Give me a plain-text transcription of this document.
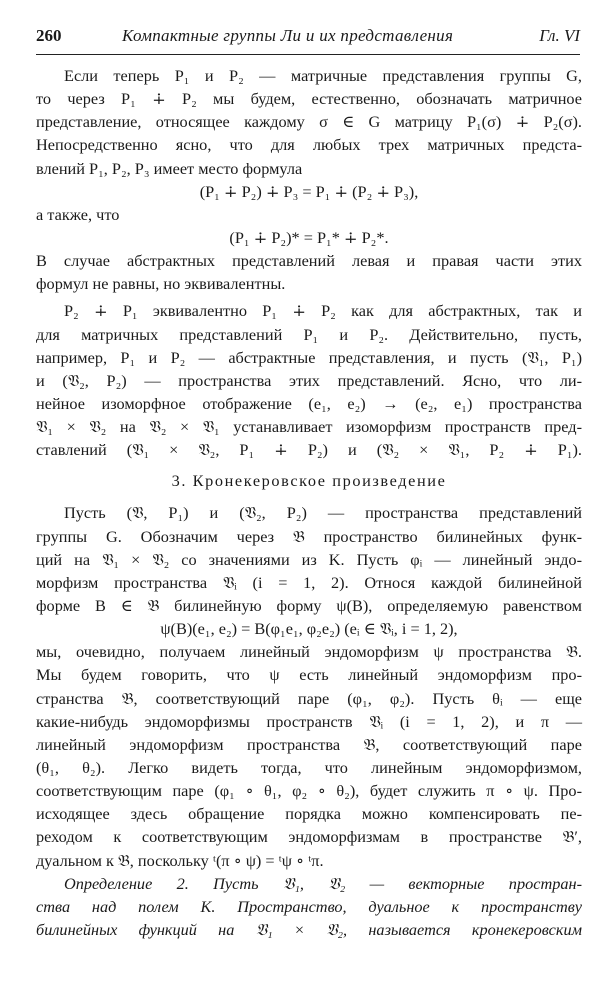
260	Компактные группы Ли и их представления	Гл. VI
Если теперь P₁ и P₂ — матричные представления группы G,
то через P₁ ∔ P₂ мы будем, естественно, обозначать матричное
представление, относящее каждому σ ∈ G матрицу P₁(σ) ∔ P₂(σ).
Непосредственно ясно, что для любых трех матричных предста-
влений P₁, P₂, P₃ имеет место формула
(P₁ ∔ P₂) ∔ P₃ = P₁ ∔ (P₂ ∔ P₃),
а также, что
(P₁ ∔ P₂)* = P₁* ∔ P₂*.
В случае абстрактных представлений левая и правая части этих
формул не равны, но эквивалентны.
P₂ ∔ P₁ эквивалентно P₁ ∔ P₂ как для абстрактных, так и
для матричных представлений P₁ и P₂. Действительно, пусть,
например, P₁ и P₂ — абстрактные представления, и пусть (𝔙₁, P₁)
и (𝔙₂, P₂) — пространства этих представлений. Ясно, что ли-
нейное изоморфное отображение (e₁, e₂) → (e₂, e₁) пространства
𝔙₁ × 𝔙₂ на 𝔙₂ × 𝔙₁ устанавливает изоморфизм пространств пред-
ставлений (𝔙₁ × 𝔙₂, P₁ ∔ P₂) и (𝔙₂ × 𝔙₁, P₂ ∔ P₁).
3. Кронекеровское произведение
Пусть (𝔙, P₁) и (𝔙₂, P₂) — пространства представлений
группы G. Обозначим через 𝔅 пространство билинейных функ-
ций на 𝔙₁ × 𝔙₂ со значениями из K. Пусть φᵢ — линейный эндо-
морфизм пространства 𝔙ᵢ (i = 1, 2). Относя каждой билинейной
форме B ∈ 𝔅 билинейную форму ψ(B), определяемую равенством
ψ(B)(e₁, e₂) = B(φ₁e₁, φ₂e₂) (eᵢ ∈ 𝔙ᵢ, i = 1, 2),
мы, очевидно, получаем линейный эндоморфизм ψ пространства 𝔅.
Мы будем говорить, что ψ есть линейный эндоморфизм про-
странства 𝔅, соответствующий паре (φ₁, φ₂). Пусть θᵢ — еще
какие-нибудь эндоморфизмы пространств 𝔙ᵢ (i = 1, 2), и π —
линейный эндоморфизм пространства 𝔅, соответствующий паре
(θ₁, θ₂). Легко видеть тогда, что линейным эндоморфизмом,
соответствующим паре (φ₁ ∘ θ₁, φ₂ ∘ θ₂), будет служить π ∘ ψ. Про-
исходящее здесь обращение порядка можно компенсировать пе-
реходом к соответствующим эндоморфизмам в пространстве 𝔅′,
дуальном к 𝔅, поскольку ᵗ(π ∘ ψ) = ᵗψ ∘ ᵗπ.
Определение 2. Пусть 𝔙₁, 𝔙₂ — векторные простран-
ства над полем K. Пространство, дуальное к пространству
билинейных функций на 𝔙₁ × 𝔙₂, называется кронекеровским
